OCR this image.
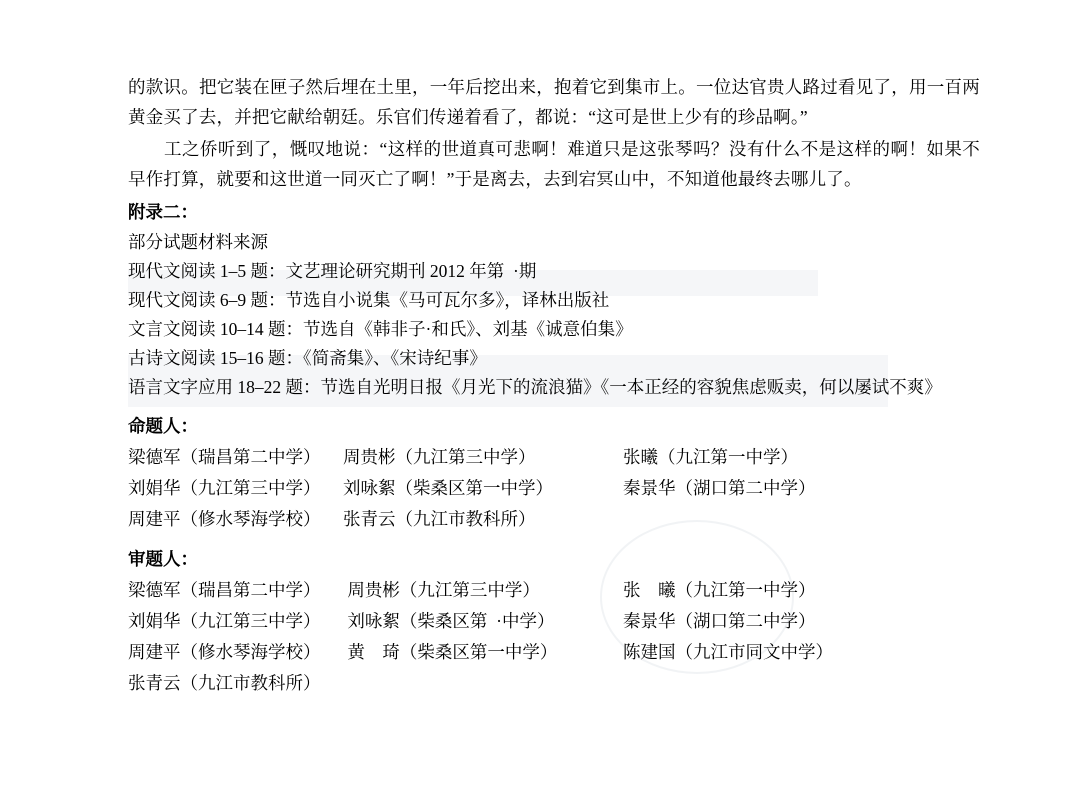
的款识。把它装在匣子然后埋在土里，一年后挖出来，抱着它到集市上。一位达官贵人路过看见了，用一百两黄金买了去，并把它献给朝廷。乐官们传递着看了，都说：“这可是世上少有的珍品啊。”

工之侨听到了，慨叹地说：“这样的世道真可悲啊！难道只是这张琴吗？没有什么不是这样的啊！如果不早作打算，就要和这世道一同灭亡了啊！”于是离去，去到宕冥山中，不知道他最终去哪儿了。

附录二：

部分试题材料来源

现代文阅读 1–5 题：文艺理论研究期刊 2012 年第  ·期

现代文阅读 6–9 题：节选自小说集《马可瓦尔多》，译林出版社

文言文阅读 10–14 题：节选自《韩非子·和氏》、刘基《诚意伯集》

古诗文阅读 15–16 题：《简斋集》、《宋诗纪事》

语言文字应用 18–22 题：节选自光明日报《月光下的流浪猫》《一本正经的容貌焦虑贩卖，何以屡试不爽》

命题人：

梁德军（瑞昌第二中学）	周贵彬（九江第三中学）	张曦（九江第一中学）
刘娟华（九江第三中学）	刘咏絮（柴桑区第一中学）	秦景华（湖口第二中学）
周建平（修水琴海学校）	张青云（九江市教科所）

审题人：

梁德军（瑞昌第二中学）	周贵彬（九江第三中学）	张　曦（九江第一中学）
刘娟华（九江第三中学）	刘咏絮（柴桑区第  ·中学）	秦景华（湖口第二中学）
周建平（修水琴海学校）	黄　琦（柴桑区第一中学）	陈建国（九江市同文中学）
张青云（九江市教科所）
